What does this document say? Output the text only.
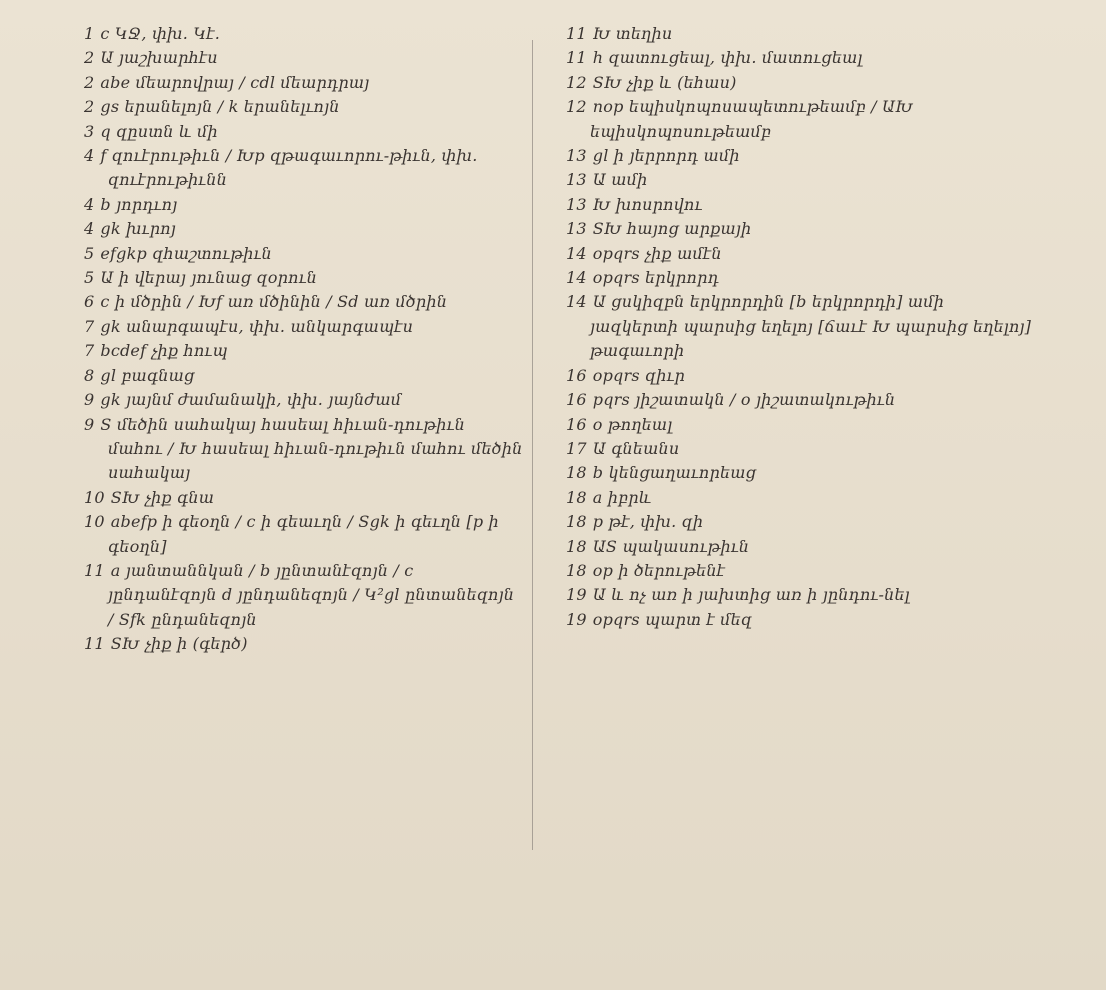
1 c ԿՋ, փխ. Կէ.
2 Ա յաշխարհէս
2 abe մեարովրայ / cdl մեարդրայ
2 gs երանելոյն / k երանելւոյն
3 q զըստն և մի
4 f զուէրութիւն / Խp զթագաւորու-թիւն, փխ. զուէրութիւնն
4 b յորդւոյ
4 gk խւրոյ
5 efgkp զհաշտութիւն
5 Ա ի վերայ յունաց զօրուն
6 c ի մծրին / Խf առ մծինին / Sd առ մծրին
7 gk անարգապէս, փխ. անկարգապէս
7 bcdef չիք հուպ
8 gl բագնաց
9 gk յայնմ ժամանակի, փխ. յայնժամ
9 S մեծին սահակայ հասեալ հիւան-դութիւն մահու / Խ հասեալ հիւան-դութիւն մահու մեծին սահակայ
10 SԽ չիք գնա
10 abefp ի գեօղն / c ի գեաւղն / Sgk ի գեւղն [p ի գեօղն]
11 a յանտաննկան / b յընտանէզոյն / c յընդանէզոյն d յընդանեզոյն / Կ²gl ընտանեզոյն / Sfk ընդանեզոյն
11 SԽ չիք ի (գերծ)
11 Խ տեղիս
11 h զատուցեալ, փխ. մատուցեալ
12 SԽ չիք և (եհաս)
12 nop եպիսկոպոսապետութեամբ / ԱԽ եպիսկոպոսութեամբ
13 gl ի յերրորդ ամի
13 Ա ամի
13 Խ խոսրովու
13 SԽ հայոց արքայի
14 opqrs չիք ամէն
14 opqrs երկրորդ
14 Ա ցսկիզբն երկրորդին [b երկրորդի] ամի յազկերտի պարսից եղելոյ [ճաւէ Խ պարսից եղելոյ] թագաւորի
16 opqrs զիւր
16 pqrs յիշատակն / o յիշատակութիւն
16 o թողեալ
17 Ա գնեանս
18 b կենցաղաւորեաց
18 a իբրև
18 p թէ, փխ. զի
18 ԱS պակասութիւն
18 op ի ծերութենէ
19 Ա և ոչ առ ի յախտից առ ի յընդու-նել
19 opqrs պարտ է մեզ
